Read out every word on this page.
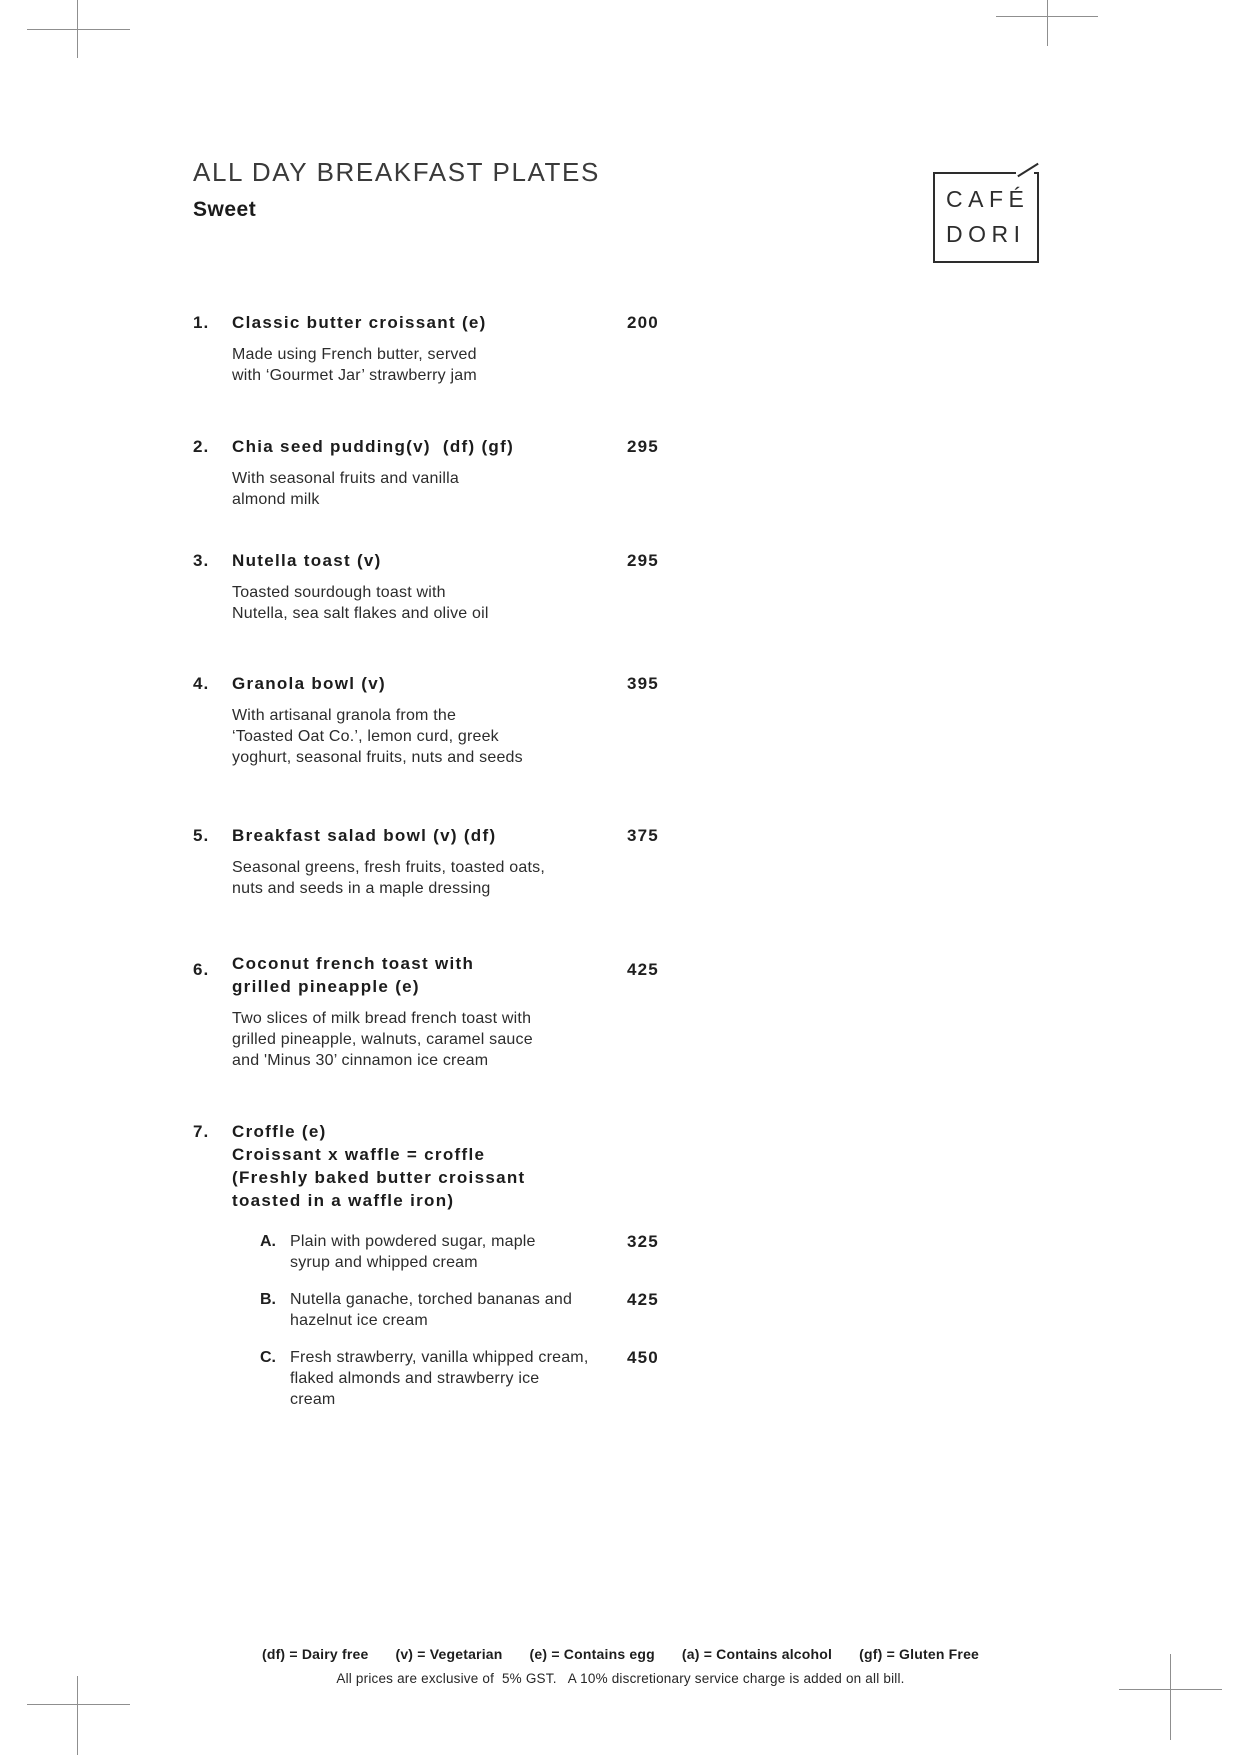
ALL DAY BREAKFAST PLATES
Sweet	CAFÉ
DORI
1.	200
Classic butter croissant (e)
Made using French butter, served
with ‘Gourmet Jar’ strawberry jam
2.	295
Chia seed pudding(v)  (df) (gf)
With seasonal fruits and vanilla
almond milk
3.	295
Nutella toast (v)
Toasted sourdough toast with
Nutella, sea salt flakes and olive oil
4.	395
Granola bowl (v)
With artisanal granola from the
‘Toasted Oat Co.’, lemon curd, greek
yoghurt, seasonal fruits, nuts and seeds
5.	375
Breakfast salad bowl (v) (df)
Seasonal greens, fresh fruits, toasted oats,
nuts and seeds in a maple dressing
6.	425
Coconut french toast with
grilled pineapple (e)
Two slices of milk bread french toast with
grilled pineapple, walnuts, caramel sauce
and 'Minus 30’ cinnamon ice cream
7. Croffle (e)
Croissant x waffle = croffle
(Freshly baked butter croissant
toasted in a waffle iron)
A.	325
Plain with powdered sugar, maple
syrup and whipped cream
B.	425
Nutella ganache, torched bananas and
hazelnut ice cream
C.	450
Fresh strawberry, vanilla whipped cream,
flaked almonds and strawberry ice
cream
(df) = Dairy free (v) = Vegetarian (e) = Contains egg (a) = Contains alcohol (gf) = Gluten Free
All prices are exclusive of  5% GST.   A 10% discretionary service charge is added on all bill.
